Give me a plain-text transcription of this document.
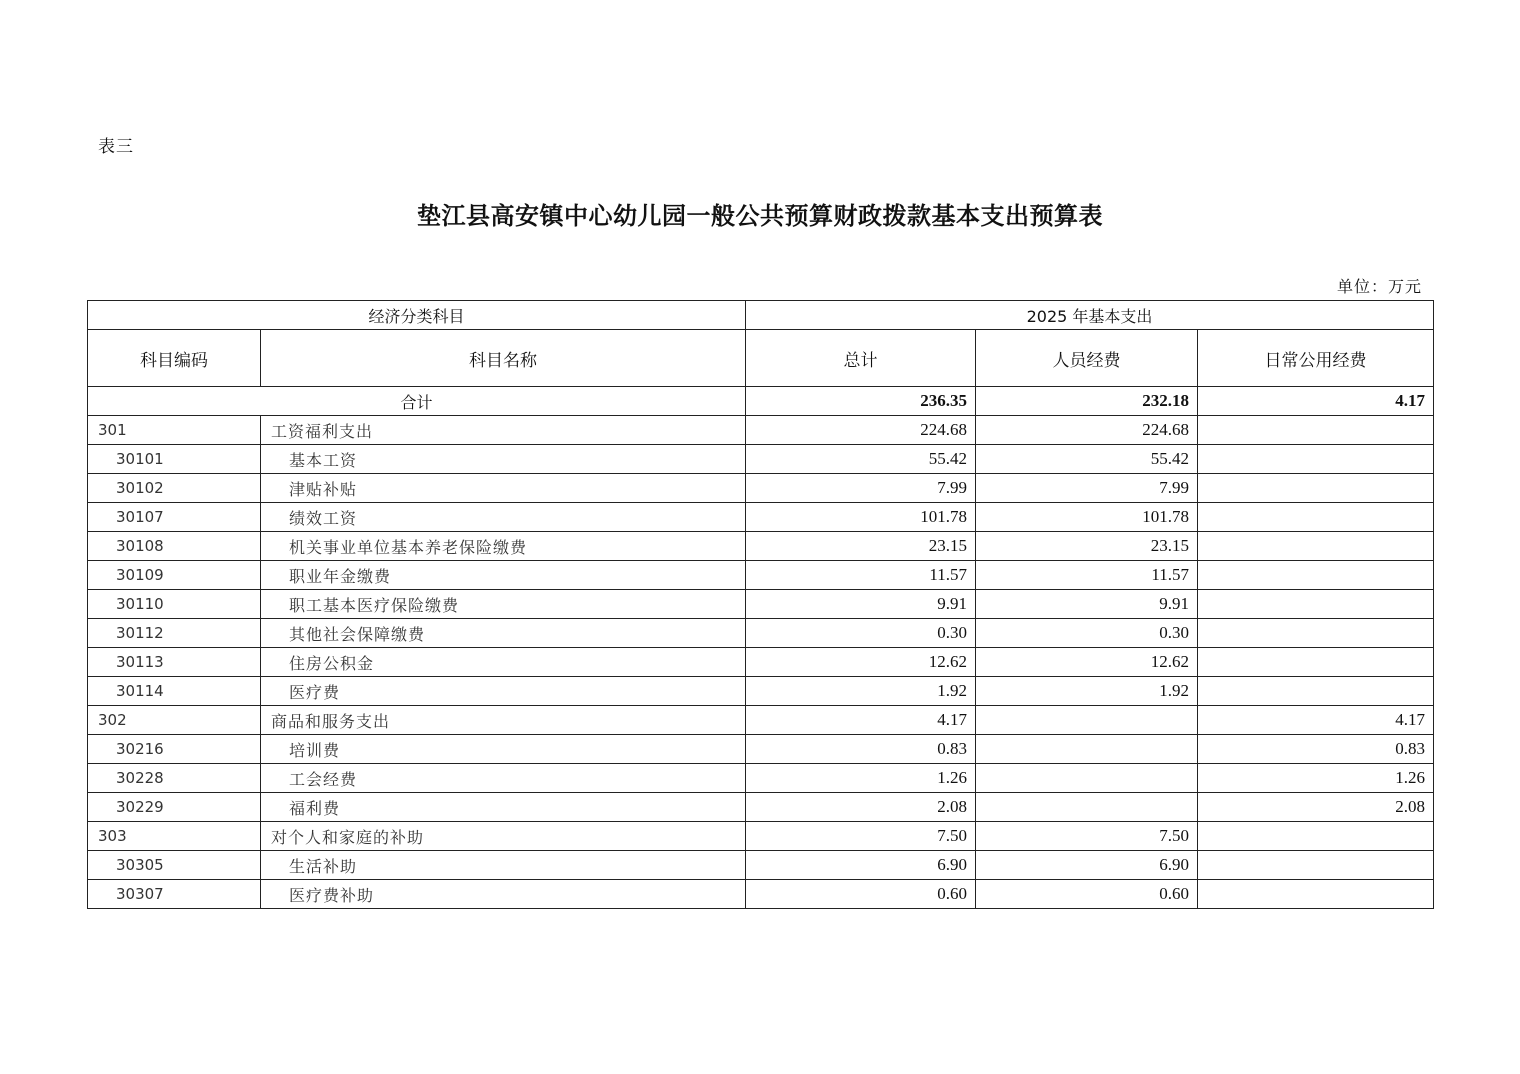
表三
垫江县高安镇中心幼儿园一般公共预算财政拨款基本支出预算表
单位：万元
经济分类科目		2025 年基本支出		
科目编码	科目名称	总计	人员经费	日常公用经费
合计		236.35	232.18	4.17
301	工资福利支出	224.68	224.68	
30101	基本工资	55.42	55.42	
30102	津贴补贴	7.99	7.99	
30107	绩效工资	101.78	101.78	
30108	机关事业单位基本养老保险缴费	23.15	23.15	
30109	职业年金缴费	11.57	11.57	
30110	职工基本医疗保险缴费	9.91	9.91	
30112	其他社会保障缴费	0.30	0.30	
30113	住房公积金	12.62	12.62	
30114	医疗费	1.92	1.92	
302	商品和服务支出	4.17		4.17
30216	培训费	0.83		0.83
30228	工会经费	1.26		1.26
30229	福利费	2.08		2.08
303	对个人和家庭的补助	7.50	7.50	
30305	生活补助	6.90	6.90	
30307	医疗费补助	0.60	0.60	
